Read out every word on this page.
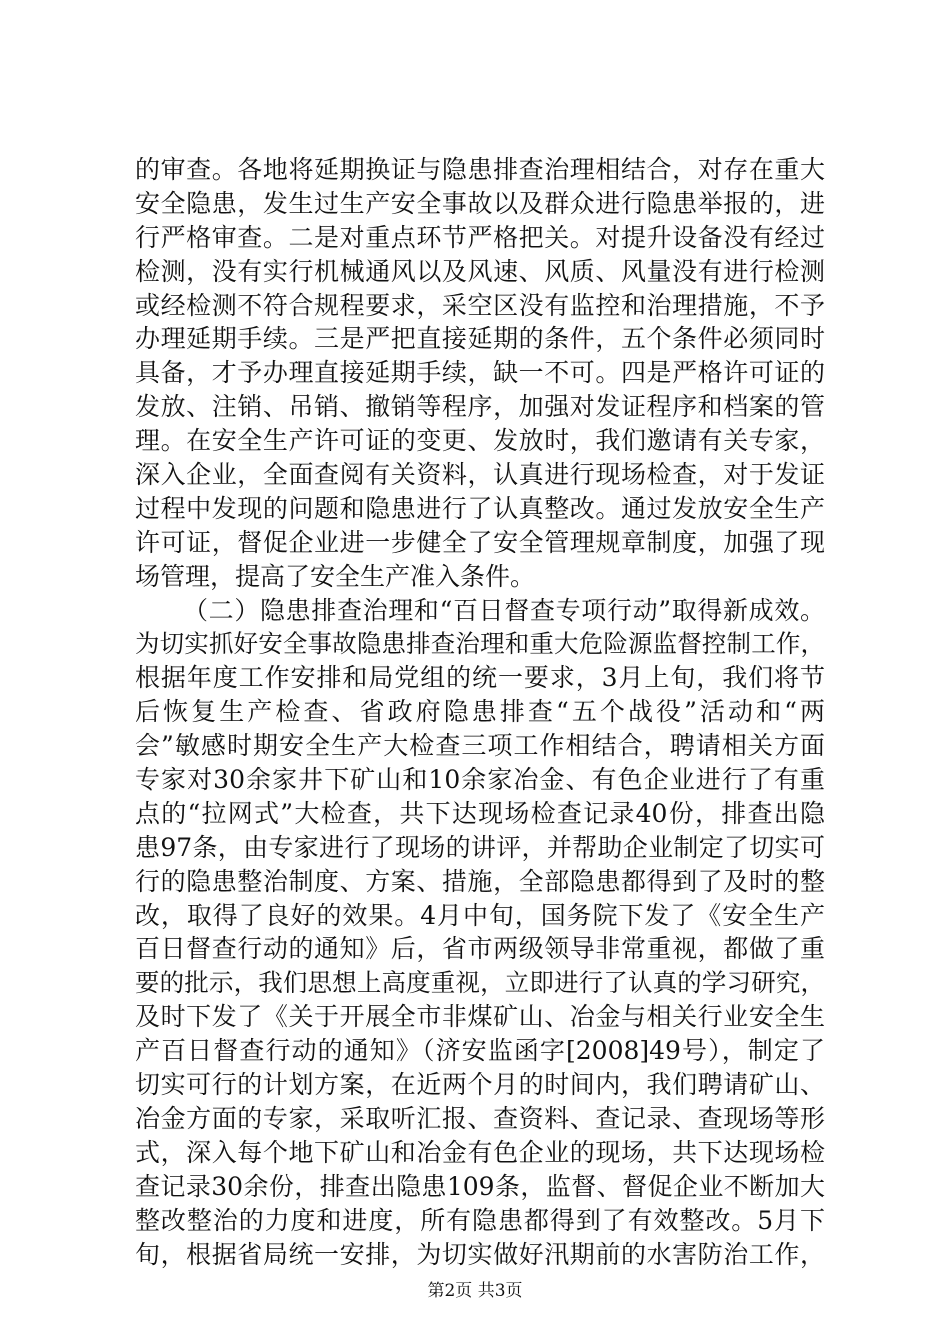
的审查。各地将延期换证与隐患排查治理相结合，对存在重大
安全隐患，发生过生产安全事故以及群众进行隐患举报的，进
行严格审查。二是对重点环节严格把关。对提升设备没有经过
检测，没有实行机械通风以及风速、风质、风量没有进行检测
或经检测不符合规程要求，采空区没有监控和治理措施，不予
办理延期手续。三是严把直接延期的条件，五个条件必须同时
具备，才予办理直接延期手续，缺一不可。四是严格许可证的
发放、注销、吊销、撤销等程序，加强对发证程序和档案的管
理。在安全生产许可证的变更、发放时，我们邀请有关专家，
深入企业，全面查阅有关资料，认真进行现场检查，对于发证
过程中发现的问题和隐患进行了认真整改。通过发放安全生产
许可证，督促企业进一步健全了安全管理规章制度，加强了现
场管理，提高了安全生产准入条件。
（二）隐患排查治理和“百日督查专项行动”取得新成效。
为切实抓好安全事故隐患排查治理和重大危险源监督控制工作，
根据年度工作安排和局党组的统一要求，3月上旬，我们将节
后恢复生产检查、省政府隐患排查“五个战役”活动和“两
会”敏感时期安全生产大检查三项工作相结合，聘请相关方面
专家对30余家井下矿山和10余家冶金、有色企业进行了有重
点的“拉网式”大检查，共下达现场检查记录40份，排查出隐
患97条，由专家进行了现场的讲评，并帮助企业制定了切实可
行的隐患整治制度、方案、措施，全部隐患都得到了及时的整
改，取得了良好的效果。4月中旬，国务院下发了《安全生产
百日督查行动的通知》后，省市两级领导非常重视，都做了重
要的批示，我们思想上高度重视，立即进行了认真的学习研究，
及时下发了《关于开展全市非煤矿山、冶金与相关行业安全生
产百日督查行动的通知》（济安监函字[2008]49号），制定了
切实可行的计划方案，在近两个月的时间内，我们聘请矿山、
冶金方面的专家，采取听汇报、查资料、查记录、查现场等形
式，深入每个地下矿山和冶金有色企业的现场，共下达现场检
查记录30余份，排查出隐患109条，监督、督促企业不断加大
整改整治的力度和进度，所有隐患都得到了有效整改。5月下
旬，根据省局统一安排，为切实做好汛期前的水害防治工作，
第2页 共3页
